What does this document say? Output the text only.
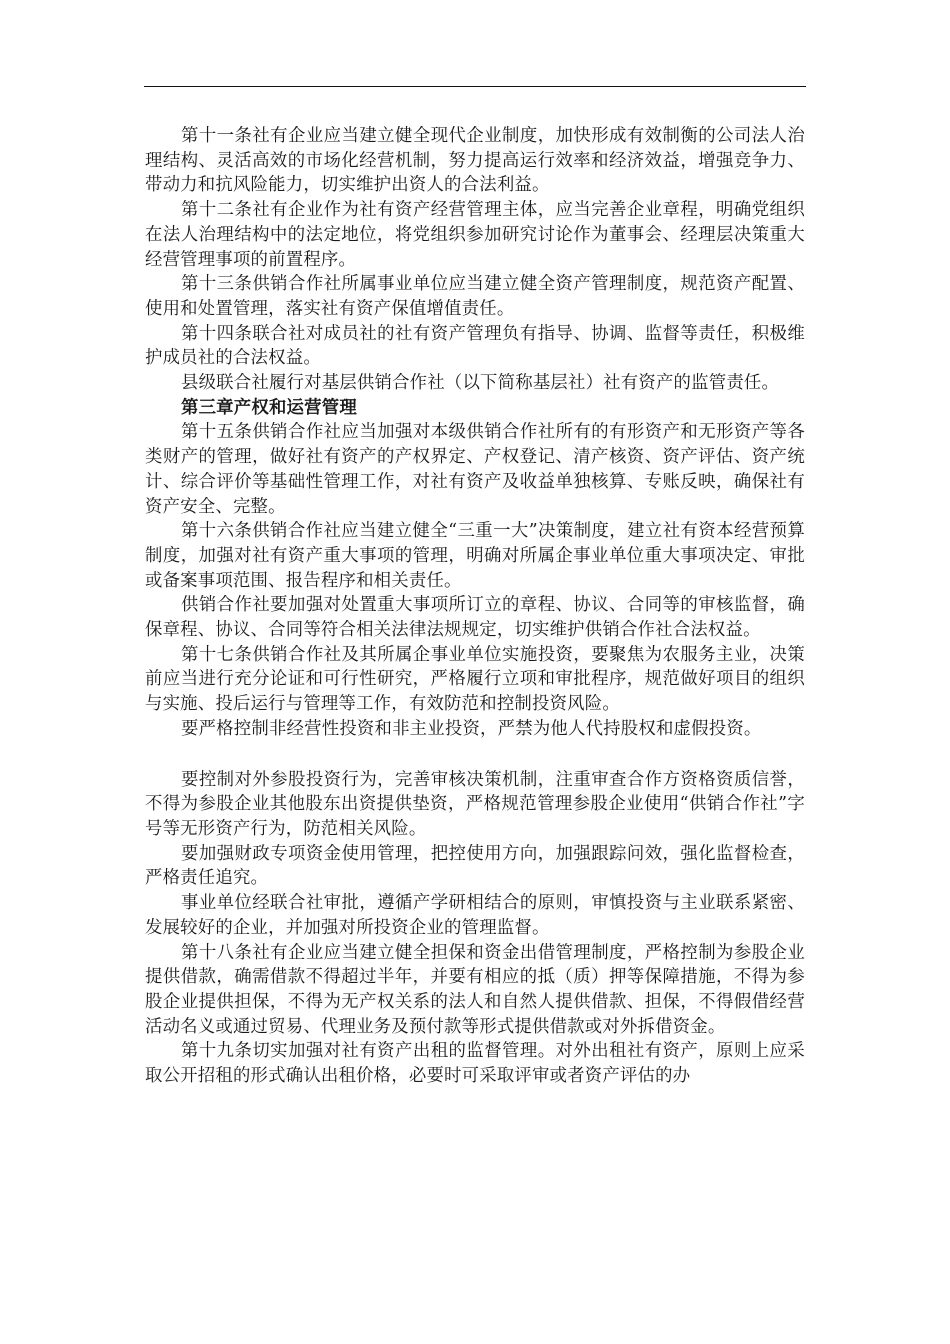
第十一条社有企业应当建立健全现代企业制度，加快形成有效制衡的公司法人治理结构、灵活高效的市场化经营机制，努力提高运行效率和经济效益，增强竞争力、带动力和抗风险能力，切实维护出资人的合法利益。

第十二条社有企业作为社有资产经营管理主体，应当完善企业章程，明确党组织在法人治理结构中的法定地位，将党组织参加研究讨论作为董事会、经理层决策重大经营管理事项的前置程序。

第十三条供销合作社所属事业单位应当建立健全资产管理制度，规范资产配置、使用和处置管理，落实社有资产保值增值责任。

第十四条联合社对成员社的社有资产管理负有指导、协调、监督等责任，积极维护成员社的合法权益。

县级联合社履行对基层供销合作社（以下简称基层社）社有资产的监管责任。

第三章产权和运营管理

第十五条供销合作社应当加强对本级供销合作社所有的有形资产和无形资产等各类财产的管理，做好社有资产的产权界定、产权登记、清产核资、资产评估、资产统计、综合评价等基础性管理工作，对社有资产及收益单独核算、专账反映，确保社有资产安全、完整。

第十六条供销合作社应当建立健全“三重一大”决策制度，建立社有资本经营预算制度，加强对社有资产重大事项的管理，明确对所属企事业单位重大事项决定、审批或备案事项范围、报告程序和相关责任。

供销合作社要加强对处置重大事项所订立的章程、协议、合同等的审核监督，确保章程、协议、合同等符合相关法律法规规定，切实维护供销合作社合法权益。

第十七条供销合作社及其所属企事业单位实施投资，要聚焦为农服务主业，决策前应当进行充分论证和可行性研究，严格履行立项和审批程序，规范做好项目的组织与实施、投后运行与管理等工作，有效防范和控制投资风险。

要严格控制非经营性投资和非主业投资，严禁为他人代持股权和虚假投资。

要控制对外参股投资行为，完善审核决策机制，注重审查合作方资格资质信誉，不得为参股企业其他股东出资提供垫资，严格规范管理参股企业使用“供销合作社”字号等无形资产行为，防范相关风险。

要加强财政专项资金使用管理，把控使用方向，加强跟踪问效，强化监督检查，严格责任追究。

事业单位经联合社审批，遵循产学研相结合的原则，审慎投资与主业联系紧密、发展较好的企业，并加强对所投资企业的管理监督。

第十八条社有企业应当建立健全担保和资金出借管理制度，严格控制为参股企业提供借款，确需借款不得超过半年，并要有相应的抵（质）押等保障措施，不得为参股企业提供担保，不得为无产权关系的法人和自然人提供借款、担保，不得假借经营活动名义或通过贸易、代理业务及预付款等形式提供借款或对外拆借资金。

第十九条切实加强对社有资产出租的监督管理。对外出租社有资产，原则上应采取公开招租的形式确认出租价格，必要时可采取评审或者资产评估的办
